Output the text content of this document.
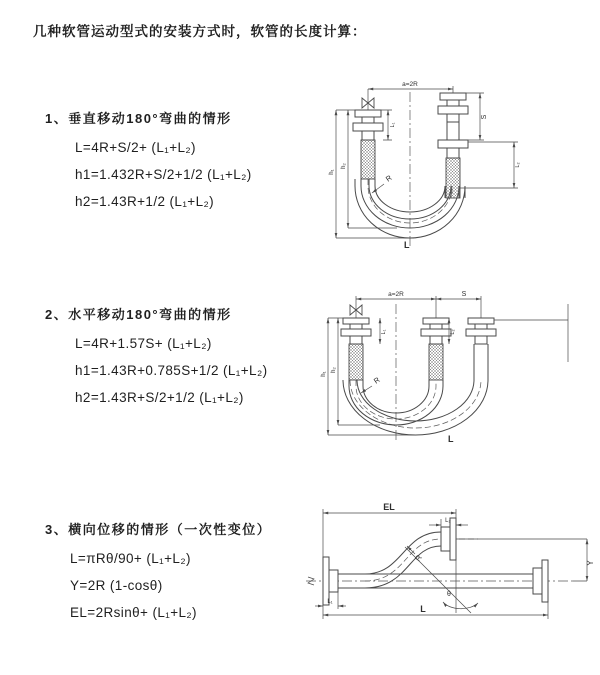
几种软管运动型式的安装方式时，软管的长度计算：
1、垂直移动180°弯曲的情形
L=4R+S/2+ (L₁+L₂)
h1=1.432R+S/2+1/2 (L₁+L₂)
h2=1.43R+1/2 (L₁+L₂)
a=2R
h₁
h₂
L₁
S
L₂
R
L
2、水平移动180°弯曲的情形
L=4R+1.57S+ (L₁+L₂)
h1=1.43R+0.785S+1/2 (L₁+L₂)
h2=1.43R+S/2+1/2 (L₁+L₂)
a=2R	S
h₁
h₂
L₁	L₂
R
L
3、横向位移的情形（一次性变位）
L=πRθ/90+ (L₁+L₂)
Y=2R (1-cosθ)
EL=2Rsinθ+ (L₁+L₂)
EL
L₂
Y
L
L₁
R
θ
